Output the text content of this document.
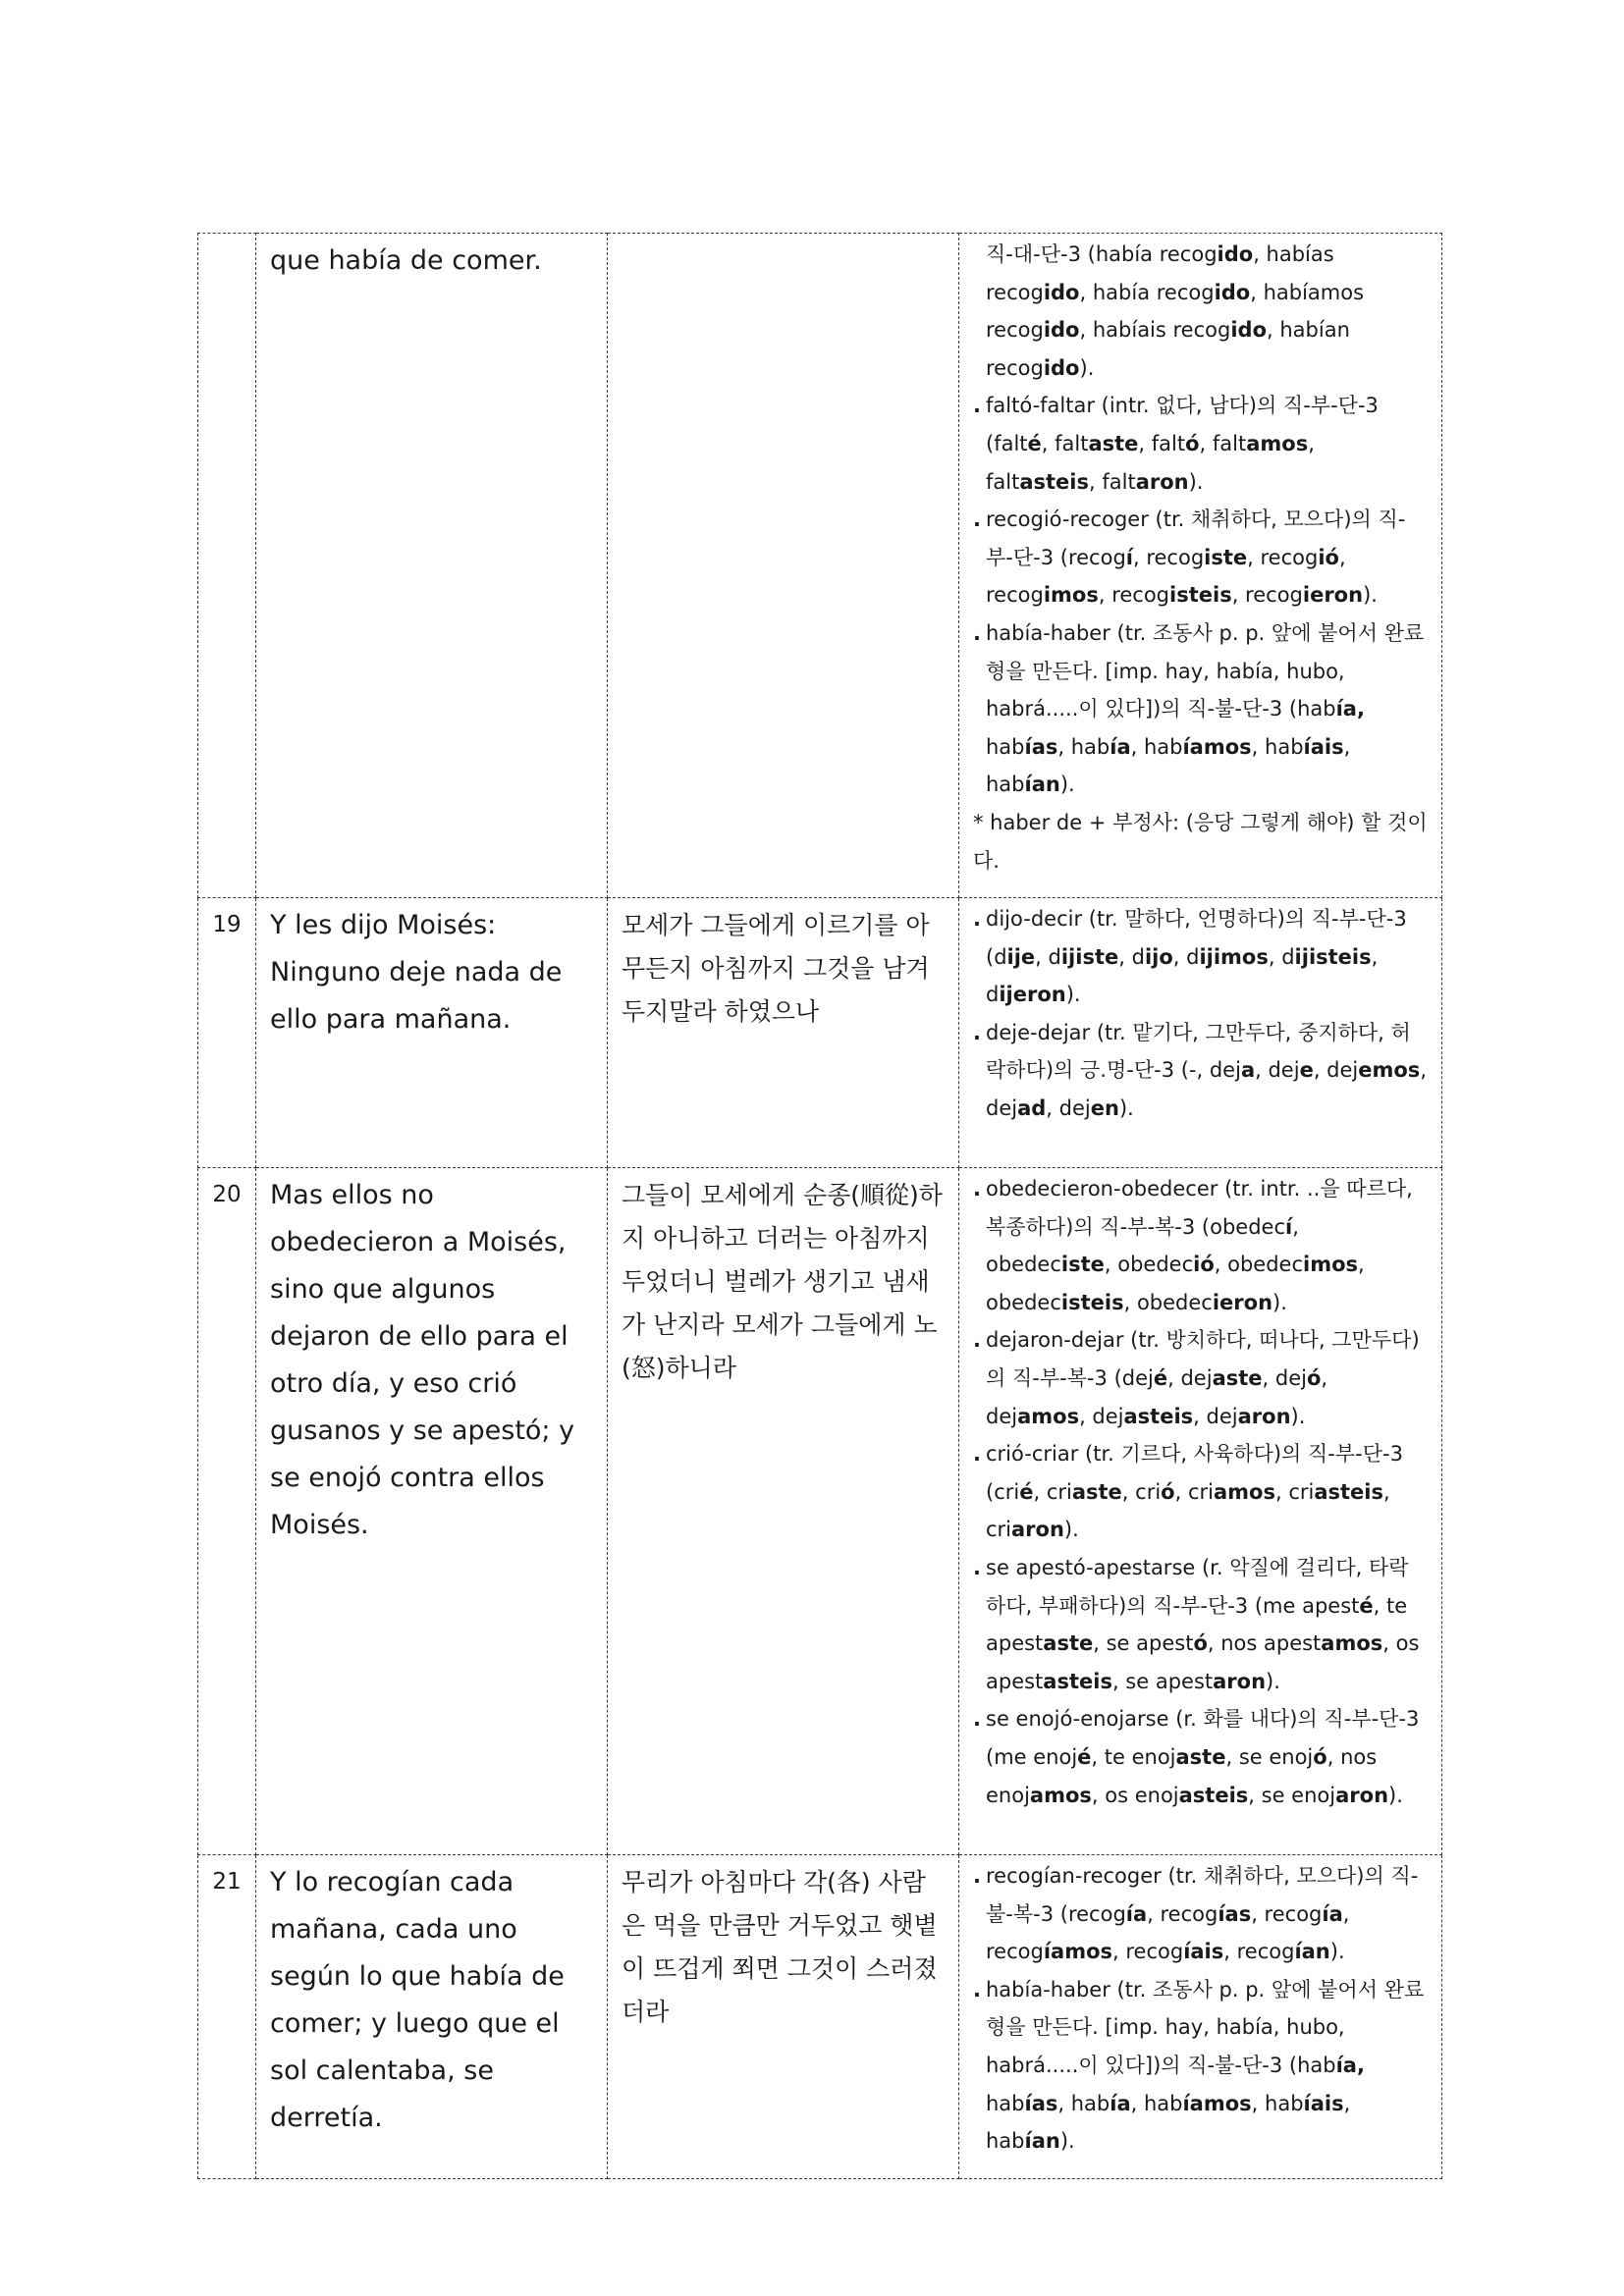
	que había de comer.		직-대-단-3 (había recogido, habías recogido, había recogido, habíamos recogido, habíais recogido, habían recogido).
. faltó-faltar (intr. 없다, 남다)의 직-부-단-3 (falté, faltaste, faltó, faltamos, faltasteis, faltaron).
. recogió-recoger (tr. 채취하다, 모으다)의 직-부-단-3 (recogí, recogiste, recogió, recogimos, recogisteis, recogieron).
. había-haber (tr. 조동사 p. p. 앞에 붙어서 완료형을 만든다. [imp. hay, había, hubo, habrá.....이 있다])의 직-불-단-3 (había, habías, había, habíamos, habíais, habían).
* haber de + 부정사: (응당 그렇게 해야) 할 것이다.

19	Y les dijo Moisés: Ninguno deje nada de ello para mañana.	모세가 그들에게 이르기를 아무든지 아침까지 그것을 남겨 두지말라 하였으나	. dijo-decir (tr. 말하다, 언명하다)의 직-부-단-3 (dije, dijiste, dijo, dijimos, dijisteis, dijeron).
. deje-dejar (tr. 맡기다, 그만두다, 중지하다, 허락하다)의 긍.명-단-3 (-, deja, deje, dejemos, dejad, dejen).

20	Mas ellos no obedecieron a Moisés, sino que algunos dejaron de ello para el otro día, y eso crió gusanos y se apestó; y se enojó contra ellos Moisés.	그들이 모세에게 순종(順從)하지 아니하고 더러는 아침까지 두었더니 벌레가 생기고 냄새가 난지라 모세가 그들에게 노(怒)하니라	. obedecieron-obedecer (tr. intr. ..을 따르다, 복종하다)의 직-부-복-3 (obedecí, obedeciste, obedeció, obedecimos, obedecisteis, obedecieron).
. dejaron-dejar (tr. 방치하다, 떠나다, 그만두다)의 직-부-복-3 (dejé, dejaste, dejó, dejamos, dejasteis, dejaron).
. crió-criar (tr. 기르다, 사육하다)의 직-부-단-3 (crié, criaste, crió, criamos, criasteis, criaron).
. se apestó-apestarse (r. 악질에 걸리다, 타락하다, 부패하다)의 직-부-단-3 (me apesté, te apestaste, se apestó, nos apestamos, os apestasteis, se apestaron).
. se enojó-enojarse (r. 화를 내다)의 직-부-단-3 (me enojé, te enojaste, se enojó, nos enojamos, os enojasteis, se enojaron).

21	Y lo recogían cada mañana, cada uno según lo que había de comer; y luego que el sol calentaba, se derretía.	무리가 아침마다 각(各) 사람은 먹을 만큼만 거두었고 햇볕이 뜨겁게 쬐면 그것이 스러졌더라	. recogían-recoger (tr. 채취하다, 모으다)의 직-불-복-3 (recogía, recogías, recogía, recogíamos, recogíais, recogían).
. había-haber (tr. 조동사 p. p. 앞에 붙어서 완료형을 만든다. [imp. hay, había, hubo, habrá.....이 있다])의 직-불-단-3 (había, habías, había, habíamos, habíais, habían).
